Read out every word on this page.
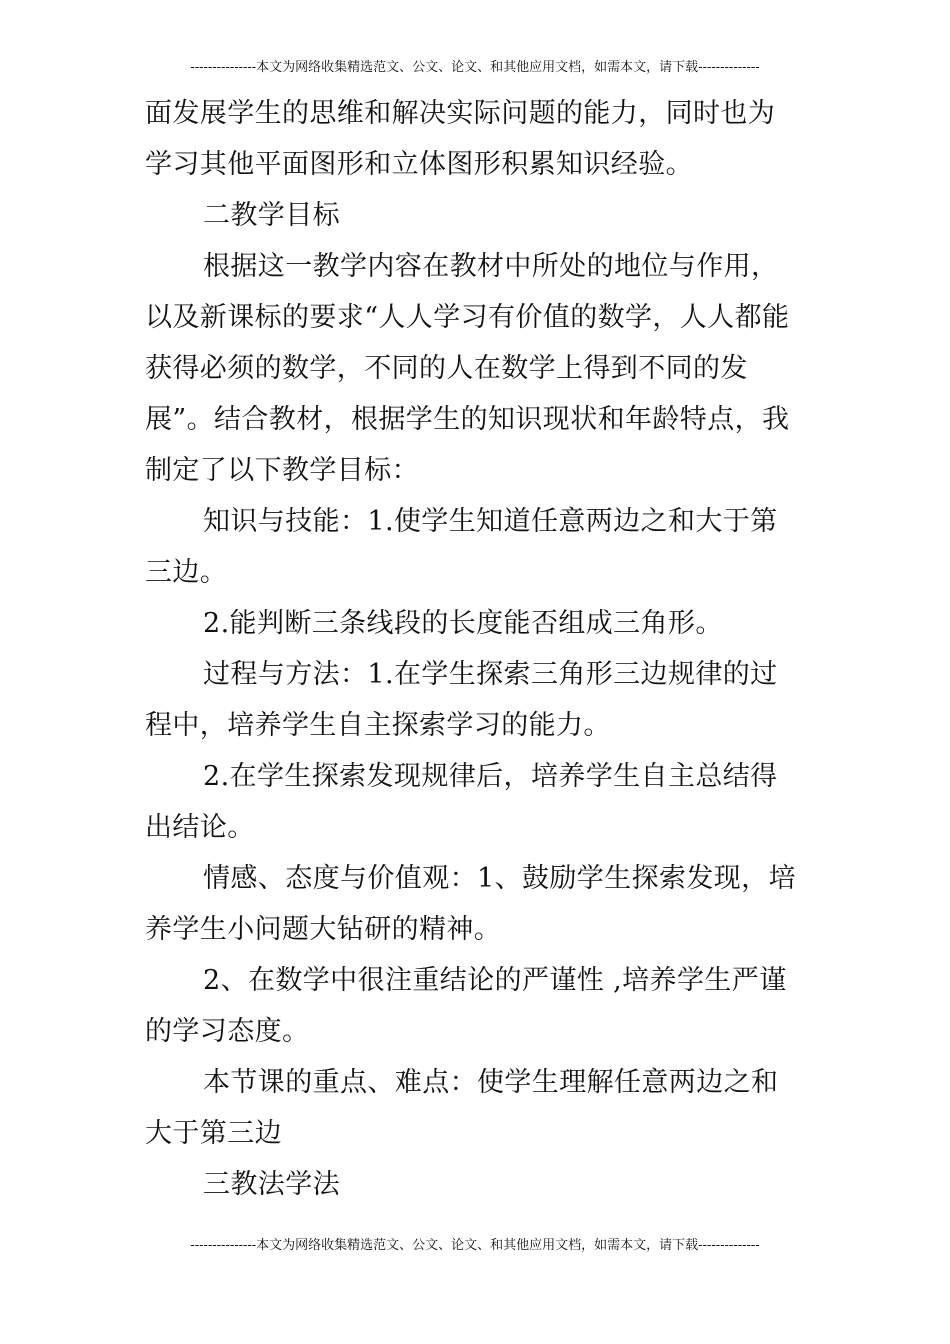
---------------本文为网络收集精选范文、公文、论文、和其他应用文档，如需本文，请下载--------------
面发展学生的思维和解决实际问题的能力，同时也为
学习其他平面图形和立体图形积累知识经验。
二教学目标
根据这一教学内容在教材中所处的地位与作用，
以及新课标的要求“人人学习有价值的数学，人人都能
获得必须的数学，不同的人在数学上得到不同的发
展”。结合教材，根据学生的知识现状和年龄特点，我
制定了以下教学目标：
知识与技能：1.使学生知道任意两边之和大于第
三边。
2.能判断三条线段的长度能否组成三角形。
过程与方法：1.在学生探索三角形三边规律的过
程中，培养学生自主探索学习的能力。
2.在学生探索发现规律后，培养学生自主总结得
出结论。
情感、态度与价值观：1、鼓励学生探索发现，培
养学生小问题大钻研的精神。
2、在数学中很注重结论的严谨性 ,培养学生严谨
的学习态度。
本节课的重点、难点：使学生理解任意两边之和
大于第三边
三教法学法
---------------本文为网络收集精选范文、公文、论文、和其他应用文档，如需本文，请下载--------------
